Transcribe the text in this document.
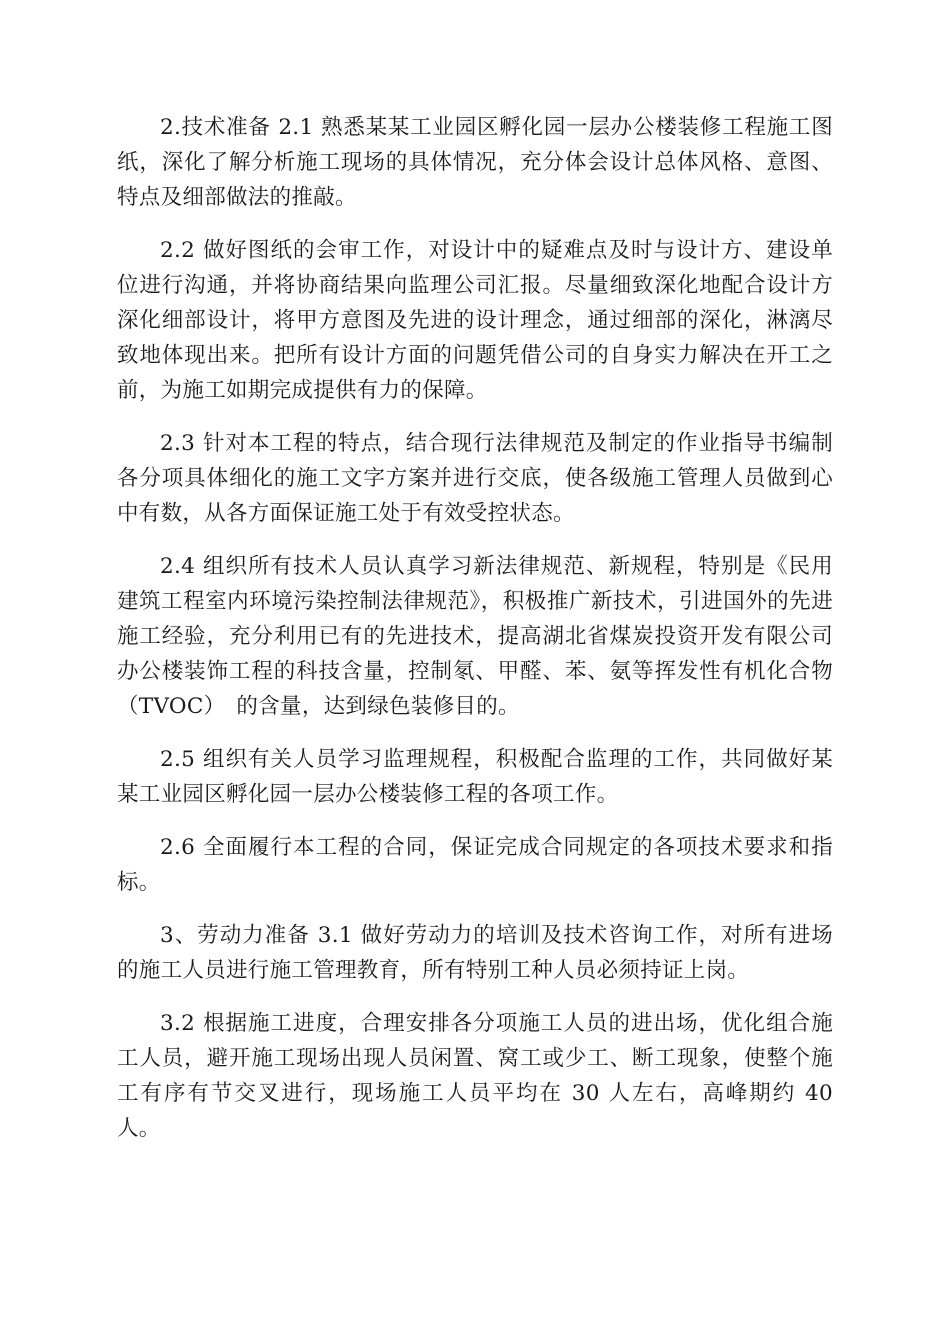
2.技术准备 2.1 熟悉某某工业园区孵化园一层办公楼装修工程施工图纸，深化了解分析施工现场的具体情况，充分体会设计总体风格、意图、特点及细部做法的推敲。

2.2 做好图纸的会审工作，对设计中的疑难点及时与设计方、建设单位进行沟通，并将协商结果向监理公司汇报。尽量细致深化地配合设计方深化细部设计，将甲方意图及先进的设计理念，通过细部的深化，淋漓尽致地体现出来。把所有设计方面的问题凭借公司的自身实力解决在开工之前，为施工如期完成提供有力的保障。

2.3 针对本工程的特点，结合现行法律规范及制定的作业指导书编制各分项具体细化的施工文字方案并进行交底，使各级施工管理人员做到心中有数，从各方面保证施工处于有效受控状态。

2.4 组织所有技术人员认真学习新法律规范、新规程，特别是《民用建筑工程室内环境污染控制法律规范》，积极推广新技术，引进国外的先进施工经验，充分利用已有的先进技术，提高湖北省煤炭投资开发有限公司办公楼装饰工程的科技含量，控制氡、甲醛、苯、氨等挥发性有机化合物（TVOC）　的含量，达到绿色装修目的。

2.5 组织有关人员学习监理规程，积极配合监理的工作，共同做好某某工业园区孵化园一层办公楼装修工程的各项工作。

2.6 全面履行本工程的合同，保证完成合同规定的各项技术要求和指标。

3、劳动力准备 3.1 做好劳动力的培训及技术咨询工作，对所有进场的施工人员进行施工管理教育，所有特别工种人员必须持证上岗。

3.2 根据施工进度，合理安排各分项施工人员的进出场，优化组合施工人员，避开施工现场出现人员闲置、窝工或少工、断工现象，使整个施工有序有节交叉进行，现场施工人员平均在 30 人左右，高峰期约 40 人。
